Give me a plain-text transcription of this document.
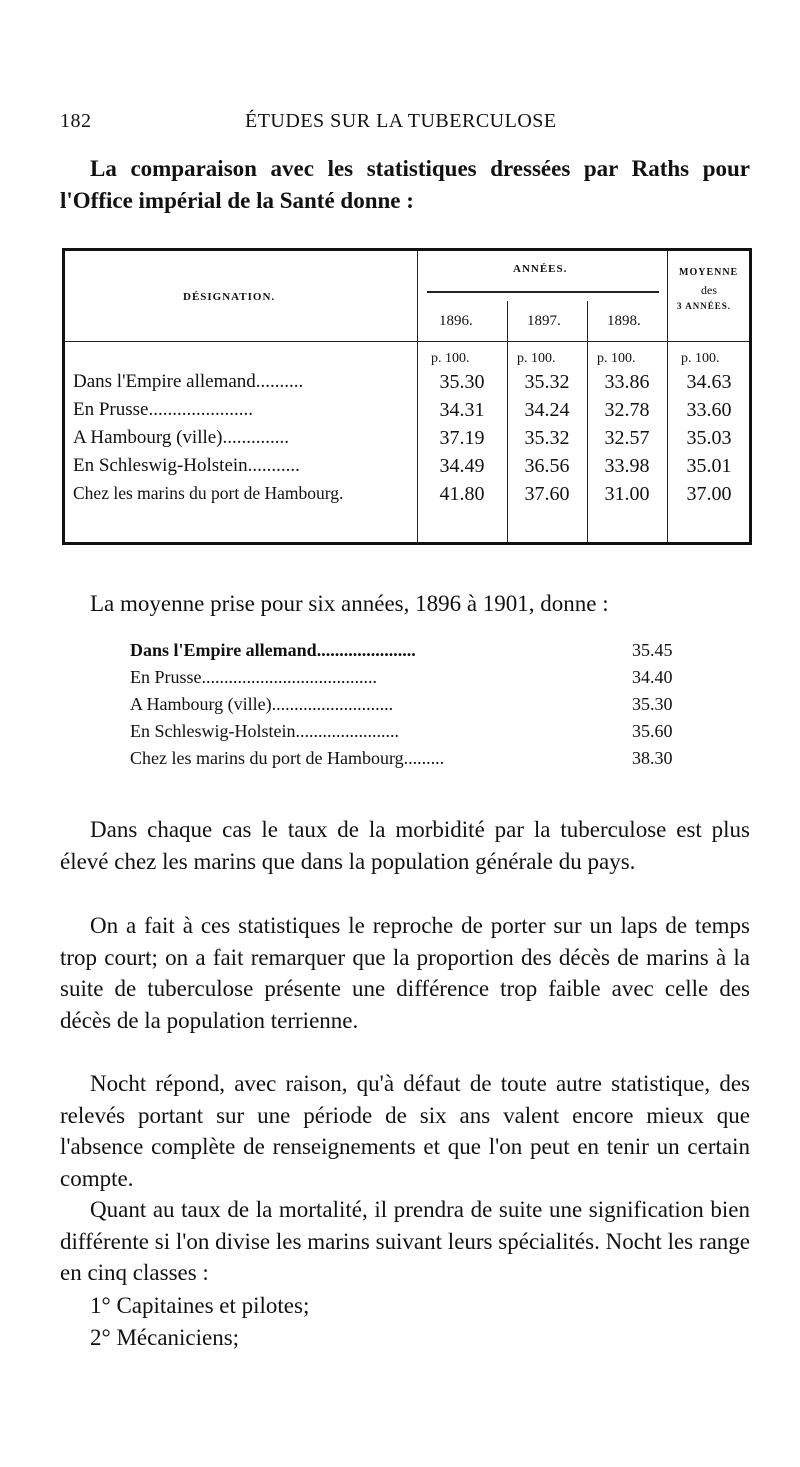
182	ÉTUDES SUR LA TUBERCULOSE
La comparaison avec les statistiques dressées par Raths pour l'Office impérial de la Santé donne :
DÉSIGNATION.
ANNÉES.	MOYENNE
des
3 ANNÉES.
1896.	1897.	1898.
p. 100.	p. 100.	p. 100.	p. 100.
Dans l'Empire allemand..........	35.30	35.32	33.86	34.63
En Prusse......................	34.31	34.24	32.78	33.60
A Hambourg (ville)..............	37.19	35.32	32.57	35.03
En Schleswig-Holstein...........	34.49	36.56	33.98	35.01
Chez les marins du port de Hambourg.	41.80	37.60	31.00	37.00
La moyenne prise pour six années, 1896 à 1901, donne :
Dans l'Empire allemand......................	35.45
En Prusse.......................................	34.40
A Hambourg (ville)...........................	35.30
En Schleswig-Holstein.......................	35.60
Chez les marins du port de Hambourg.........	38.30
Dans chaque cas le taux de la morbidité par la tuberculose est plus élevé chez les marins que dans la population générale du pays.
On a fait à ces statistiques le reproche de porter sur un laps de temps trop court; on a fait remarquer que la proportion des décès de marins à la suite de tuberculose présente une différence trop faible avec celle des décès de la population terrienne.
Nocht répond, avec raison, qu'à défaut de toute autre statistique, des relevés portant sur une période de six ans valent encore mieux que l'absence complète de renseignements et que l'on peut en tenir un certain compte.
Quant au taux de la mortalité, il prendra de suite une signification bien différente si l'on divise les marins suivant leurs spécialités. Nocht les range en cinq classes :
1° Capitaines et pilotes;
2° Mécaniciens;
